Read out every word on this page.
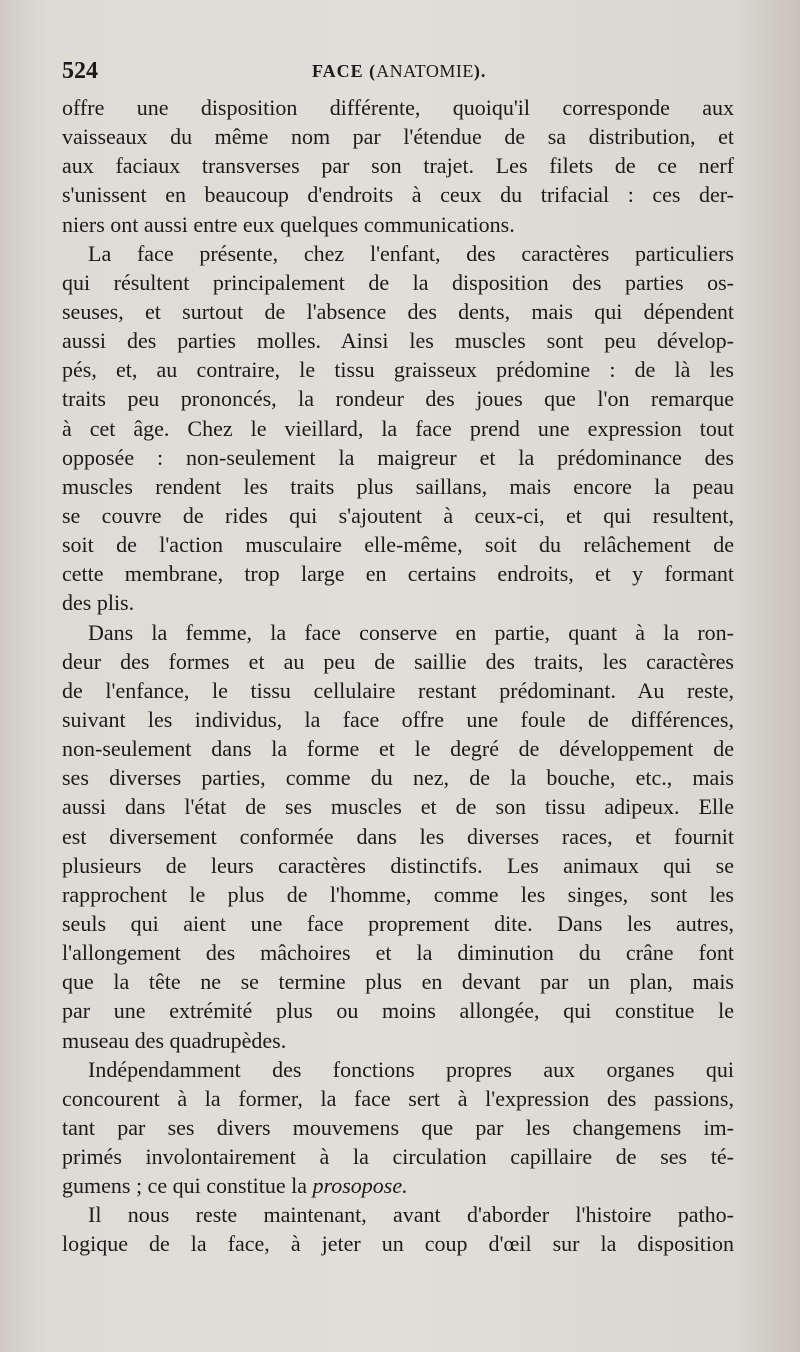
524	FACE (ANATOMIE).
offre une disposition différente, quoiqu'il corresponde aux
vaisseaux du même nom par l'étendue de sa distribution, et
aux faciaux transverses par son trajet. Les filets de ce nerf
s'unissent en beaucoup d'endroits à ceux du trifacial : ces der-
niers ont aussi entre eux quelques communications.
La face présente, chez l'enfant, des caractères particuliers
qui résultent principalement de la disposition des parties os-
seuses, et surtout de l'absence des dents, mais qui dépendent
aussi des parties molles. Ainsi les muscles sont peu dévelop-
pés, et, au contraire, le tissu graisseux prédomine : de là les
traits peu prononcés, la rondeur des joues que l'on remarque
à cet âge. Chez le vieillard, la face prend une expression tout
opposée : non-seulement la maigreur et la prédominance des
muscles rendent les traits plus saillans, mais encore la peau
se couvre de rides qui s'ajoutent à ceux-ci, et qui resultent,
soit de l'action musculaire elle-même, soit du relâchement de
cette membrane, trop large en certains endroits, et y formant
des plis.
Dans la femme, la face conserve en partie, quant à la ron-
deur des formes et au peu de saillie des traits, les caractères
de l'enfance, le tissu cellulaire restant prédominant. Au reste,
suivant les individus, la face offre une foule de différences,
non-seulement dans la forme et le degré de développement de
ses diverses parties, comme du nez, de la bouche, etc., mais
aussi dans l'état de ses muscles et de son tissu adipeux. Elle
est diversement conformée dans les diverses races, et fournit
plusieurs de leurs caractères distinctifs. Les animaux qui se
rapprochent le plus de l'homme, comme les singes, sont les
seuls qui aient une face proprement dite. Dans les autres,
l'allongement des mâchoires et la diminution du crâne font
que la tête ne se termine plus en devant par un plan, mais
par une extrémité plus ou moins allongée, qui constitue le
museau des quadrupèdes.
Indépendamment des fonctions propres aux organes qui
concourent à la former, la face sert à l'expression des passions,
tant par ses divers mouvemens que par les changemens im-
primés involontairement à la circulation capillaire de ses té-
gumens ; ce qui constitue la prosopose.
Il nous reste maintenant, avant d'aborder l'histoire patho-
logique de la face, à jeter un coup d'œil sur la disposition
